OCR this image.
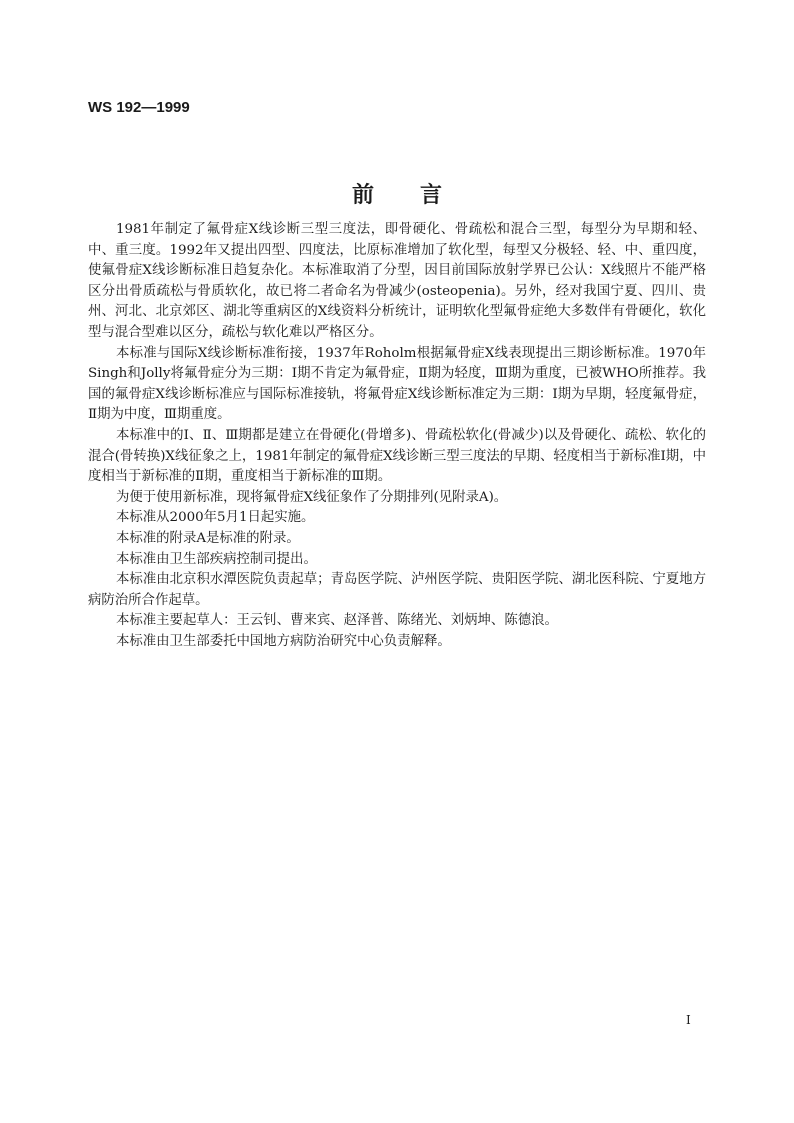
WS 192—1999
前 言

1981年制定了氟骨症X线诊断三型三度法，即骨硬化、骨疏松和混合三型，每型分为早期和轻、中、重三度。1992年又提出四型、四度法，比原标准增加了软化型，每型又分极轻、轻、中、重四度，使氟骨症X线诊断标准日趋复杂化。本标准取消了分型，因目前国际放射学界已公认：X线照片不能严格区分出骨质疏松与骨质软化，故已将二者命名为骨减少(osteopenia)。另外，经对我国宁夏、四川、贵州、河北、北京郊区、湖北等重病区的X线资料分析统计，证明软化型氟骨症绝大多数伴有骨硬化，软化型与混合型难以区分，疏松与软化难以严格区分。

本标准与国际X线诊断标准衔接，1937年Roholm根据氟骨症X线表现提出三期诊断标准。1970年Singh和Jolly将氟骨症分为三期：Ⅰ期不肯定为氟骨症，Ⅱ期为轻度，Ⅲ期为重度，已被WHO所推荐。我国的氟骨症X线诊断标准应与国际标准接轨，将氟骨症X线诊断标准定为三期：Ⅰ期为早期，轻度氟骨症，Ⅱ期为中度，Ⅲ期重度。

本标准中的Ⅰ、Ⅱ、Ⅲ期都是建立在骨硬化(骨增多)、骨疏松软化(骨减少)以及骨硬化、疏松、软化的混合(骨转换)X线征象之上，1981年制定的氟骨症X线诊断三型三度法的早期、轻度相当于新标准Ⅰ期，中度相当于新标准的Ⅱ期，重度相当于新标准的Ⅲ期。

为便于使用新标准，现将氟骨症X线征象作了分期排列(见附录A)。

本标准从2000年5月1日起实施。

本标准的附录A是标准的附录。

本标准由卫生部疾病控制司提出。

本标准由北京积水潭医院负责起草；青岛医学院、泸州医学院、贵阳医学院、湖北医科院、宁夏地方病防治所合作起草。

本标准主要起草人：王云钊、曹来宾、赵泽普、陈绪光、刘炳坤、陈德浪。

本标准由卫生部委托中国地方病防治研究中心负责解释。

I
